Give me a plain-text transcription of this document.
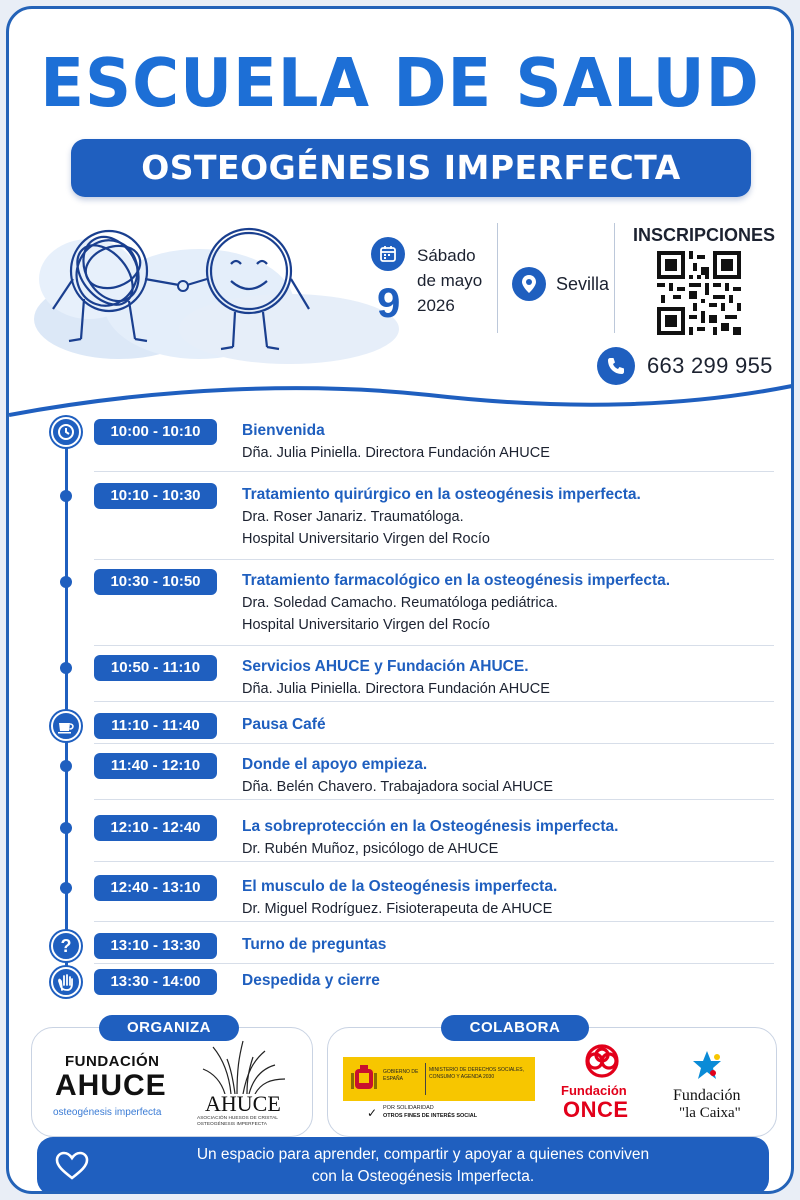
ESCUELA DE SALUD
OSTEOGÉNESIS IMPERFECTA
9
Sábado
de mayo
2026
Sevilla
INSCRIPCIONES
663 299 955
10:00 - 10:10	Bienvenida
Dña. Julia Piniella. Directora Fundación AHUCE
10:10 - 10:30	Tratamiento quirúrgico en la osteogénesis imperfecta.
Dra. Roser Janariz. Traumatóloga.
Hospital Universitario Virgen del Rocío
10:30 - 10:50	Tratamiento farmacológico en la osteogénesis imperfecta.
Dra. Soledad Camacho. Reumatóloga pediátrica.
Hospital Universitario Virgen del Rocío
10:50 - 11:10	Servicios AHUCE y Fundación AHUCE.
Dña. Julia Piniella. Directora Fundación AHUCE
11:10 - 11:40	Pausa Café
11:40 - 12:10	Donde el apoyo empieza.
Dña. Belén Chavero. Trabajadora social AHUCE
12:10 - 12:40	La sobreprotección en la Osteogénesis imperfecta.
Dr. Rubén Muñoz, psicólogo de AHUCE
12:40 - 13:10	El musculo de la Osteogénesis imperfecta.
Dr. Miguel Rodríguez. Fisioterapeuta de AHUCE
?	13:10 - 13:30	Turno de preguntas
13:30 - 14:00	Despedida y cierre
ORGANIZA	COLABORA
FUNDACIÓN
AHUCE
osteogénesis imperfecta AHUCE
ASOCIACIÓN HUESOS DE CRISTAL OSTEOGÉNESIS IMPERFECTA
GOBIERNO DE ESPAÑA
MINISTERIO DE DERECHOS SOCIALES, CONSUMO Y AGENDA 2030
✓ POR SOLIDARIDAD
OTROS FINES DE INTERÉS SOCIAL
Fundación
ONCE
Fundación
"la Caixa"
Un espacio para aprender, compartir y apoyar a quienes conviven
con la Osteogénesis Imperfecta.
